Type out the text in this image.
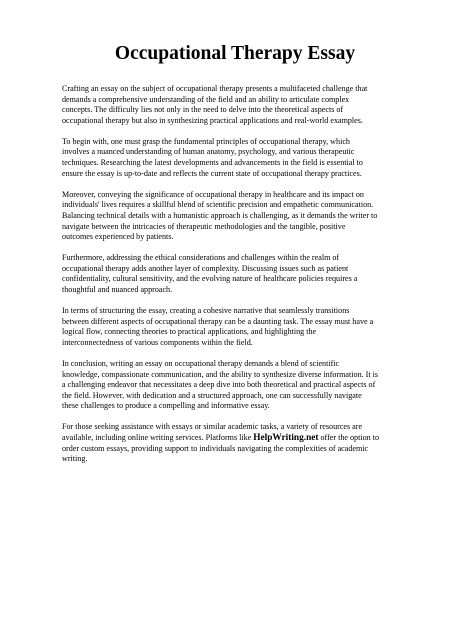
Occupational Therapy Essay

Crafting an essay on the subject of occupational therapy presents a multifaceted challenge that
demands a comprehensive understanding of the field and an ability to articulate complex
concepts. The difficulty lies not only in the need to delve into the theoretical aspects of
occupational therapy but also in synthesizing practical applications and real-world examples.

To begin with, one must grasp the fundamental principles of occupational therapy, which
involves a nuanced understanding of human anatomy, psychology, and various therapeutic
techniques. Researching the latest developments and advancements in the field is essential to
ensure the essay is up-to-date and reflects the current state of occupational therapy practices.

Moreover, conveying the significance of occupational therapy in healthcare and its impact on
individuals' lives requires a skillful blend of scientific precision and empathetic communication.
Balancing technical details with a humanistic approach is challenging, as it demands the writer to
navigate between the intricacies of therapeutic methodologies and the tangible, positive
outcomes experienced by patients.

Furthermore, addressing the ethical considerations and challenges within the realm of
occupational therapy adds another layer of complexity. Discussing issues such as patient
confidentiality, cultural sensitivity, and the evolving nature of healthcare policies requires a
thoughtful and nuanced approach.

In terms of structuring the essay, creating a cohesive narrative that seamlessly transitions
between different aspects of occupational therapy can be a daunting task. The essay must have a
logical flow, connecting theories to practical applications, and highlighting the
interconnectedness of various components within the field.

In conclusion, writing an essay on occupational therapy demands a blend of scientific
knowledge, compassionate communication, and the ability to synthesize diverse information. It is
a challenging endeavor that necessitates a deep dive into both theoretical and practical aspects of
the field. However, with dedication and a structured approach, one can successfully navigate
these challenges to produce a compelling and informative essay.

For those seeking assistance with essays or similar academic tasks, a variety of resources are
available, including online writing services. Platforms like HelpWriting.net offer the option to
order custom essays, providing support to individuals navigating the complexities of academic
writing.
